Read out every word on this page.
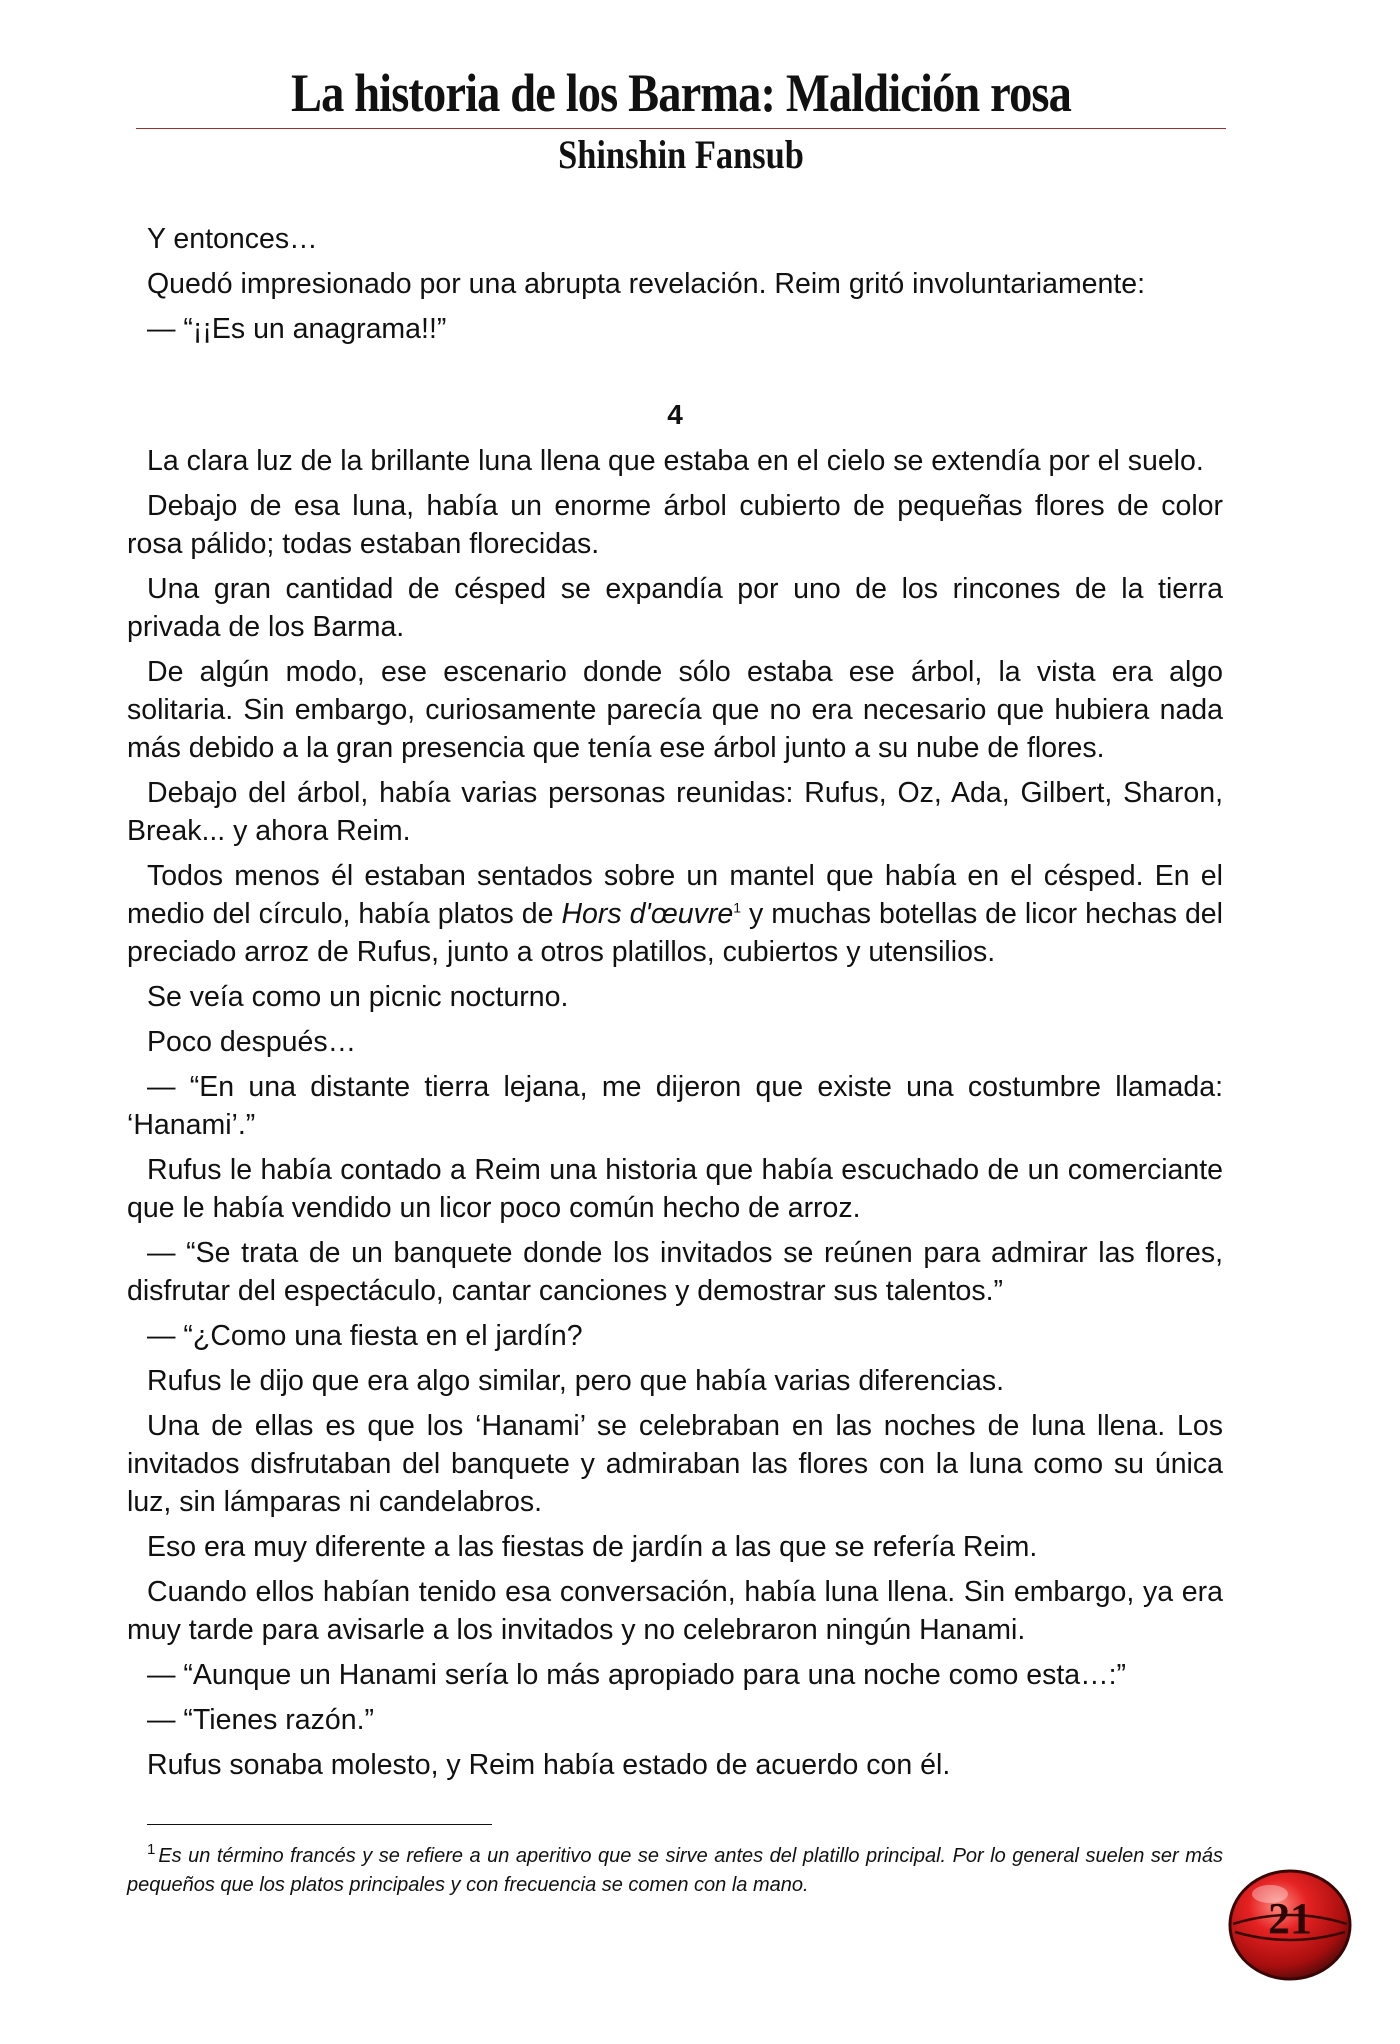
La historia de los Barma: Maldición rosa
Shinshin Fansub

Y entonces…

Quedó impresionado por una abrupta revelación. Reim gritó involuntariamente:

— “¡¡Es un anagrama!!”

4

La clara luz de la brillante luna llena que estaba en el cielo se extendía por el suelo.

Debajo de esa luna, había un enorme árbol cubierto de pequeñas flores de color rosa pálido; todas estaban florecidas.

Una gran cantidad de césped se expandía por uno de los rincones de la tierra privada de los Barma.

De algún modo, ese escenario donde sólo estaba ese árbol, la vista era algo solitaria. Sin embargo, curiosamente parecía que no era necesario que hubiera nada más debido a la gran presencia que tenía ese árbol junto a su nube de flores.

Debajo del árbol, había varias personas reunidas: Rufus, Oz, Ada, Gilbert, Sharon, Break... y ahora Reim.

Todos menos él estaban sentados sobre un mantel que había en el césped. En el medio del círculo, había platos de Hors d'œuvre$^1$ y muchas botellas de licor hechas del preciado arroz de Rufus, junto a otros platillos, cubiertos y utensilios.

Se veía como un picnic nocturno.

Poco después…

— “En una distante tierra lejana, me dijeron que existe una costumbre llamada: ‘Hanami’.”

Rufus le había contado a Reim una historia que había escuchado de un comerciante que le había vendido un licor poco común hecho de arroz.

— “Se trata de un banquete donde los invitados se reúnen para admirar las flores, disfrutar del espectáculo, cantar canciones y demostrar sus talentos.”

— “¿Como una fiesta en el jardín?

Rufus le dijo que era algo similar, pero que había varias diferencias.

Una de ellas es que los ‘Hanami’ se celebraban en las noches de luna llena. Los invitados disfrutaban del banquete y admiraban las flores con la luna como su única luz, sin lámparas ni candelabros.

Eso era muy diferente a las fiestas de jardín a las que se refería Reim.

Cuando ellos habían tenido esa conversación, había luna llena. Sin embargo, ya era muy tarde para avisarle a los invitados y no celebraron ningún Hanami.

— “Aunque un Hanami sería lo más apropiado para una noche como esta…:”

— “Tienes razón.”

Rufus sonaba molesto, y Reim había estado de acuerdo con él.

$^1$ Es un término francés y se refiere a un aperitivo que se sirve antes del platillo principal. Por lo general suelen ser más pequeños que los platos principales y con frecuencia se comen con la mano.
21
